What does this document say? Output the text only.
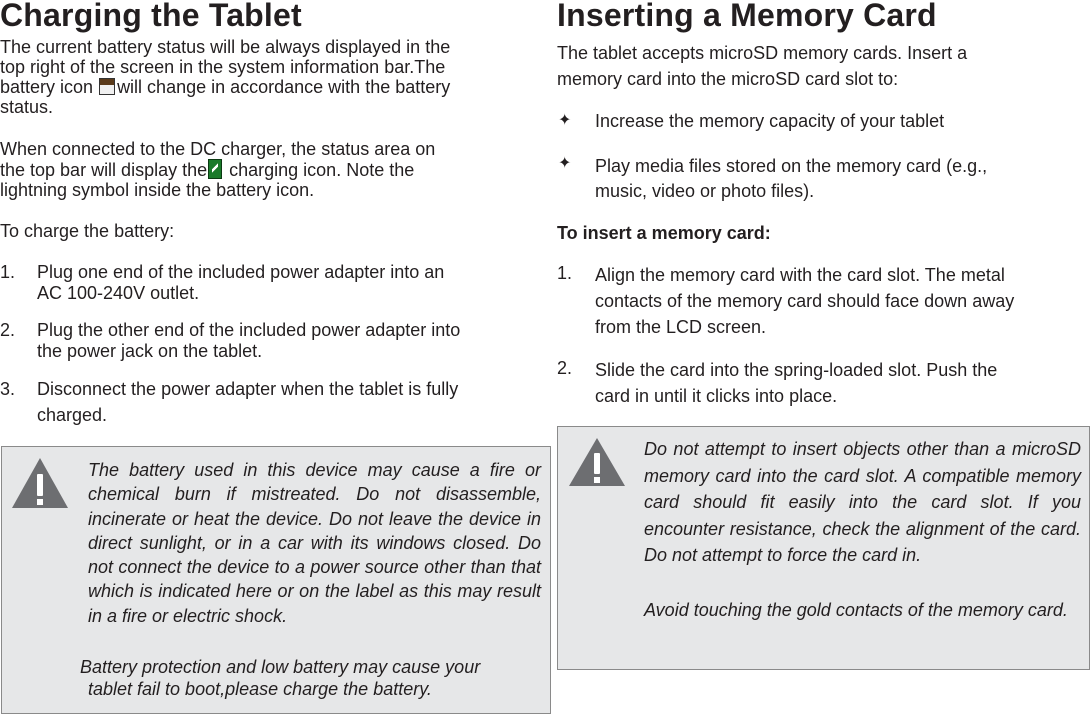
Charging the Tablet

The current battery status will be always displayed in the

top right of the screen in the system information bar.The

battery icon will change in accordance with the battery

status.

When connected to the DC charger, the status area on

the top bar will display the charging icon. Note the

lightning symbol inside the battery icon.

To charge the battery:

1. Plug one end of the included power adapter into an
AC 100-240V outlet.
2. Plug the other end of the included power adapter into
the power jack on the tablet.
3. Disconnect the power adapter when the tablet is fully
charged.

The battery used in this device may cause a fire or chemical burn if mistreated. Do not disassemble, incinerate or heat the device. Do not leave the device in direct sunlight, or in a car with its windows closed. Do not connect the device to a power source other than that which is indicated here or on the label as this may result in a fire or electric shock.

Battery protection and low battery may cause your
tablet fail to boot,please charge the battery.

Inserting a Memory Card

The tablet accepts microSD memory cards. Insert a

memory card into the microSD card slot to:

✦ Increase the memory capacity of your tablet
✦ Play media files stored on the memory card (e.g.,
music, video or photo files).

To insert a memory card:

1. Align the memory card with the card slot. The metal
contacts of the memory card should face down away
from the LCD screen.
2. Slide the card into the spring-loaded slot. Push the
card in until it clicks into place.

Do not attempt to insert objects other than a microSD memory card into the card slot. A compatible memory card should fit easily into the card slot. If you encounter resistance, check the alignment of the card. Do not attempt to force the card in.

Avoid touching the gold contacts of the memory card.
